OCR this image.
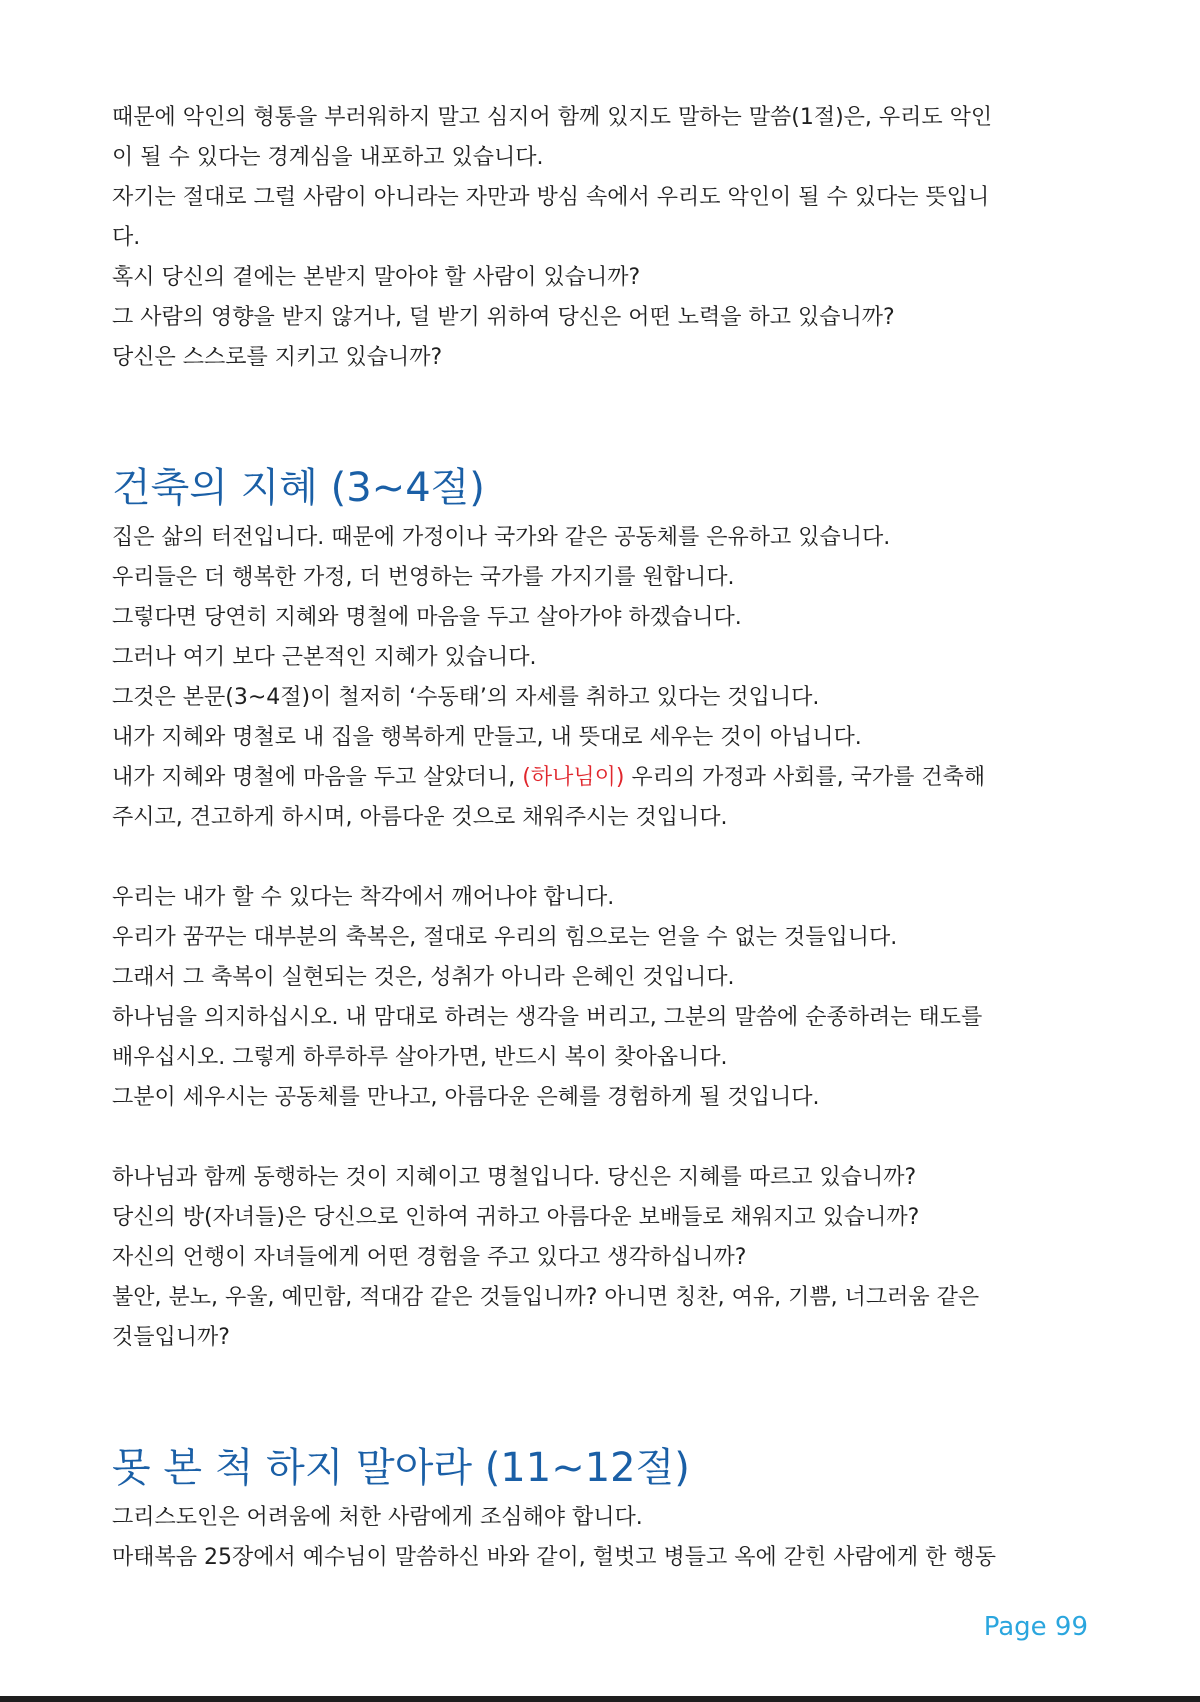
때문에 악인의 형통을 부러워하지 말고 심지어 함께 있지도 말하는 말씀(1절)은, 우리도 악인
이 될 수 있다는 경계심을 내포하고 있습니다.
자기는 절대로 그럴 사람이 아니라는 자만과 방심 속에서 우리도 악인이 될 수 있다는 뜻입니
다.
혹시 당신의 곁에는 본받지 말아야 할 사람이 있습니까?
그 사람의 영향을 받지 않거나, 덜 받기 위하여 당신은 어떤 노력을 하고 있습니까?
당신은 스스로를 지키고 있습니까?
건축의 지혜 (3~4절)
집은 삶의 터전입니다. 때문에 가정이나 국가와 같은 공동체를 은유하고 있습니다.
우리들은 더 행복한 가정, 더 번영하는 국가를 가지기를 원합니다.
그렇다면 당연히 지혜와 명철에 마음을 두고 살아가야 하겠습니다.
그러나 여기 보다 근본적인 지혜가 있습니다.
그것은 본문(3~4절)이 철저히 ‘수동태’의 자세를 취하고 있다는 것입니다.
내가 지혜와 명철로 내 집을 행복하게 만들고, 내 뜻대로 세우는 것이 아닙니다.
내가 지혜와 명철에 마음을 두고 살았더니, (하나님이) 우리의 가정과 사회를, 국가를 건축해
주시고, 견고하게 하시며, 아름다운 것으로 채워주시는 것입니다.
우리는 내가 할 수 있다는 착각에서 깨어나야 합니다.
우리가 꿈꾸는 대부분의 축복은, 절대로 우리의 힘으로는 얻을 수 없는 것들입니다.
그래서 그 축복이 실현되는 것은, 성취가 아니라 은혜인 것입니다.
하나님을 의지하십시오. 내 맘대로 하려는 생각을 버리고, 그분의 말씀에 순종하려는 태도를
배우십시오. 그렇게 하루하루 살아가면, 반드시 복이 찾아옵니다.
그분이 세우시는 공동체를 만나고, 아름다운 은혜를 경험하게 될 것입니다.
하나님과 함께 동행하는 것이 지혜이고 명철입니다. 당신은 지혜를 따르고 있습니까?
당신의 방(자녀들)은 당신으로 인하여 귀하고 아름다운 보배들로 채워지고 있습니까?
자신의 언행이 자녀들에게 어떤 경험을 주고 있다고 생각하십니까?
불안, 분노, 우울, 예민함, 적대감 같은 것들입니까? 아니면 칭찬, 여유, 기쁨, 너그러움 같은
것들입니까?
못 본 척 하지 말아라 (11~12절)
그리스도인은 어려움에 처한 사람에게 조심해야 합니다.
마태복음 25장에서 예수님이 말씀하신 바와 같이, 헐벗고 병들고 옥에 갇힌 사람에게 한 행동
Page 99
